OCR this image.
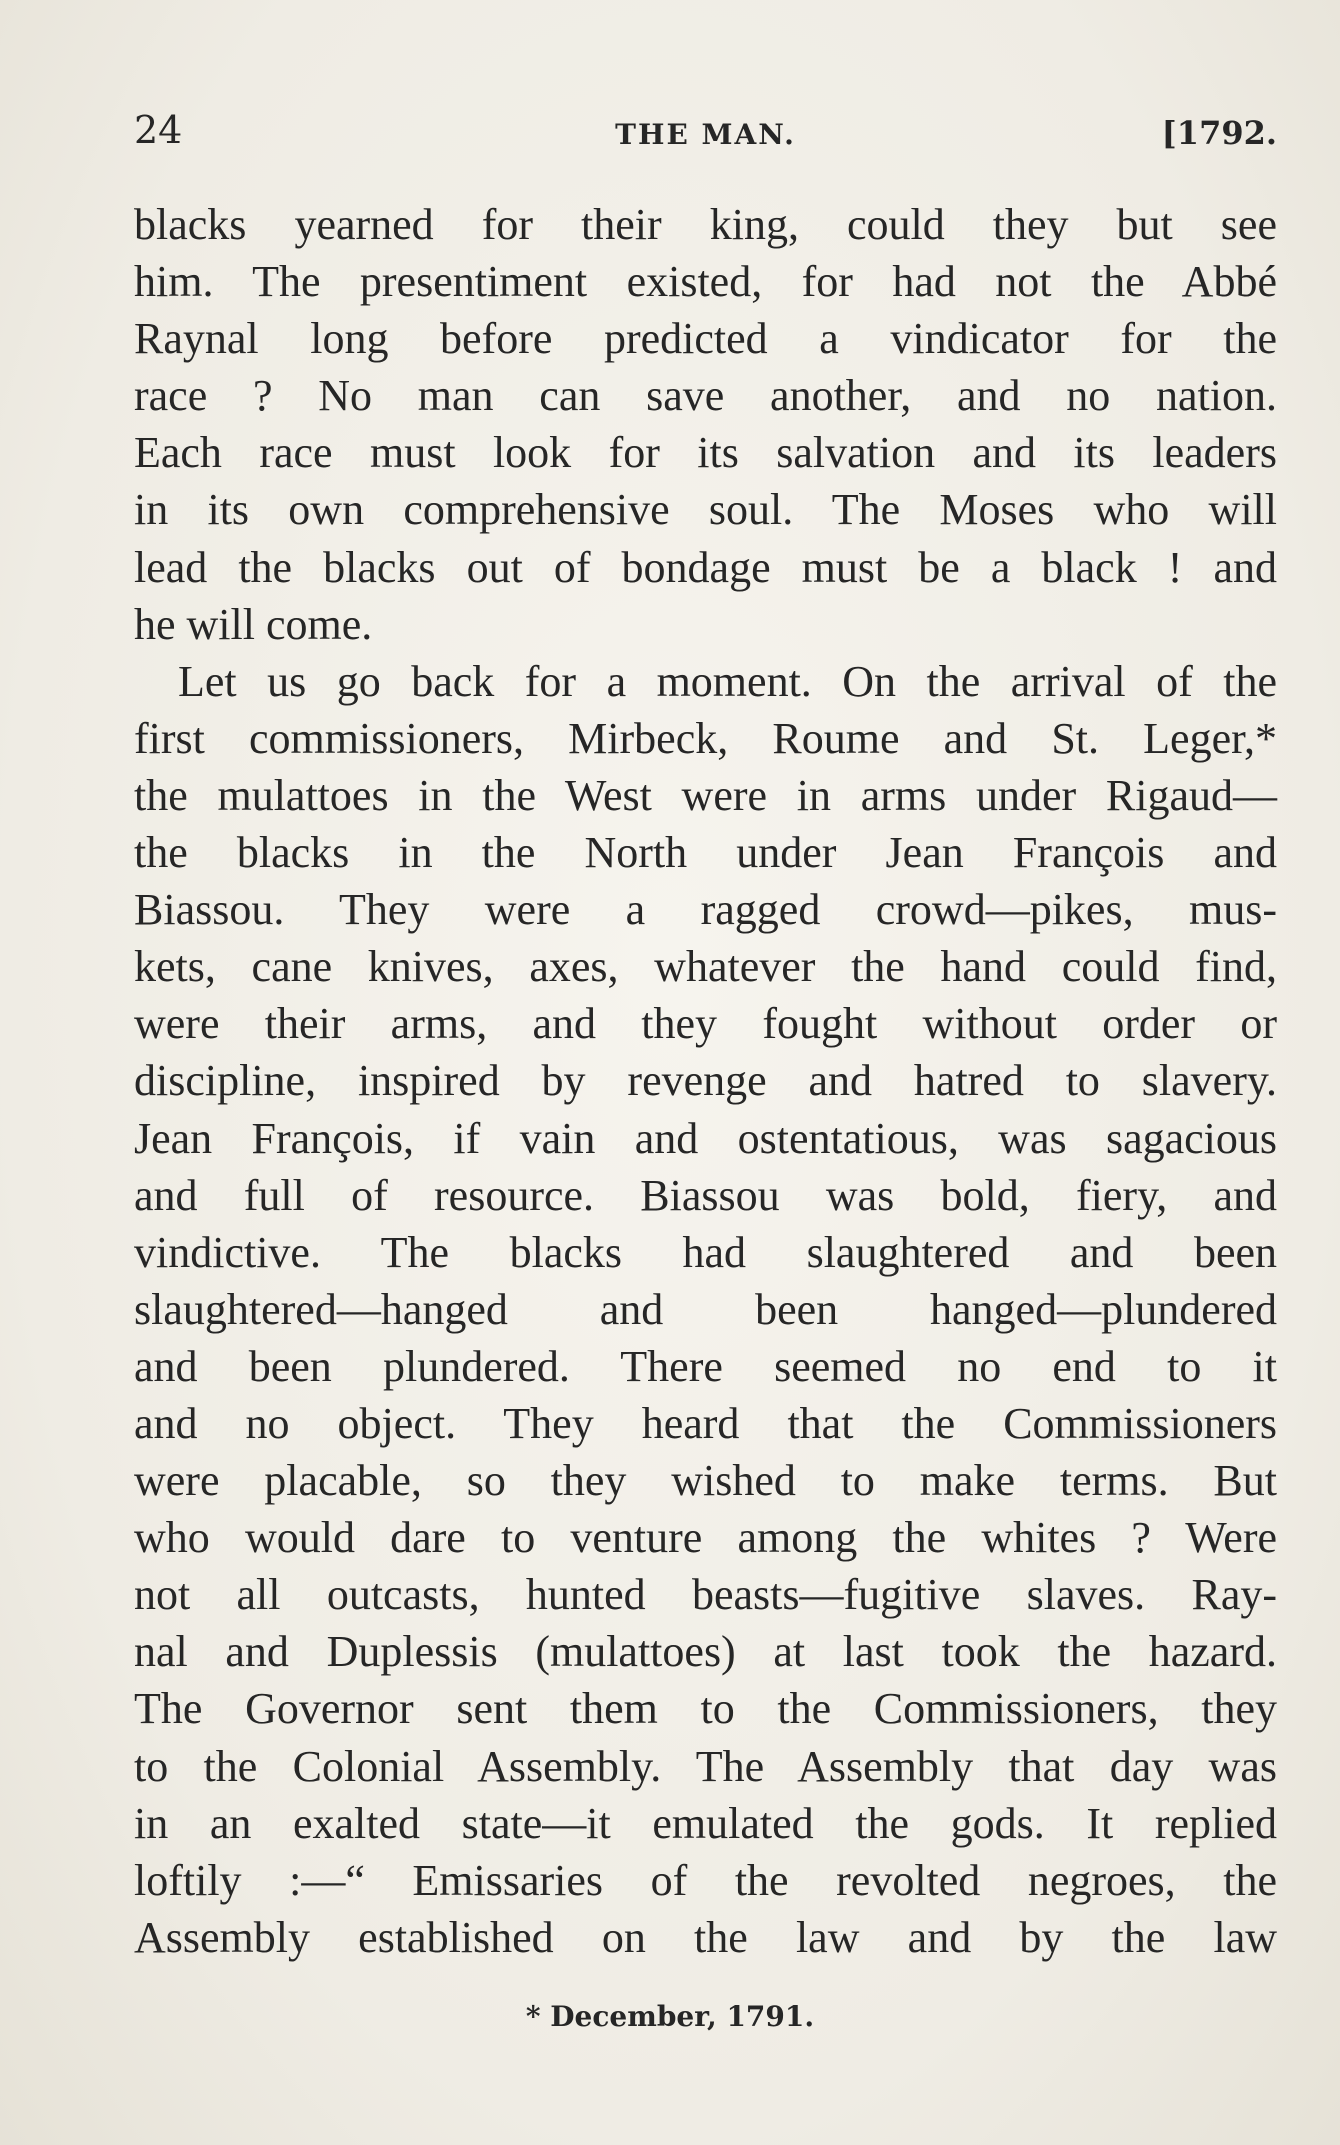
24	THE MAN.	[1792.
blacks yearned for their king, could they but see
him. The presentiment existed, for had not the Abbé
Raynal long before predicted a vindicator for the
race ? No man can save another, and no nation.
Each race must look for its salvation and its leaders
in its own comprehensive soul. The Moses who will
lead the blacks out of bondage must be a black ! and
he will come.
Let us go back for a moment. On the arrival of the
first commissioners, Mirbeck, Roume and St. Leger,*
the mulattoes in the West were in arms under Rigaud—
the blacks in the North under Jean François and
Biassou. They were a ragged crowd—pikes, mus-
kets, cane knives, axes, whatever the hand could find,
were their arms, and they fought without order or
discipline, inspired by revenge and hatred to slavery.
Jean François, if vain and ostentatious, was sagacious
and full of resource. Biassou was bold, fiery, and
vindictive. The blacks had slaughtered and been
slaughtered—hanged and been hanged—plundered
and been plundered. There seemed no end to it
and no object. They heard that the Commissioners
were placable, so they wished to make terms. But
who would dare to venture among the whites ? Were
not all outcasts, hunted beasts—fugitive slaves. Ray-
nal and Duplessis (mulattoes) at last took the hazard.
The Governor sent them to the Commissioners, they
to the Colonial Assembly. The Assembly that day was
in an exalted state—it emulated the gods. It replied
loftily :—“ Emissaries of the revolted negroes, the
Assembly established on the law and by the law
* December, 1791.
